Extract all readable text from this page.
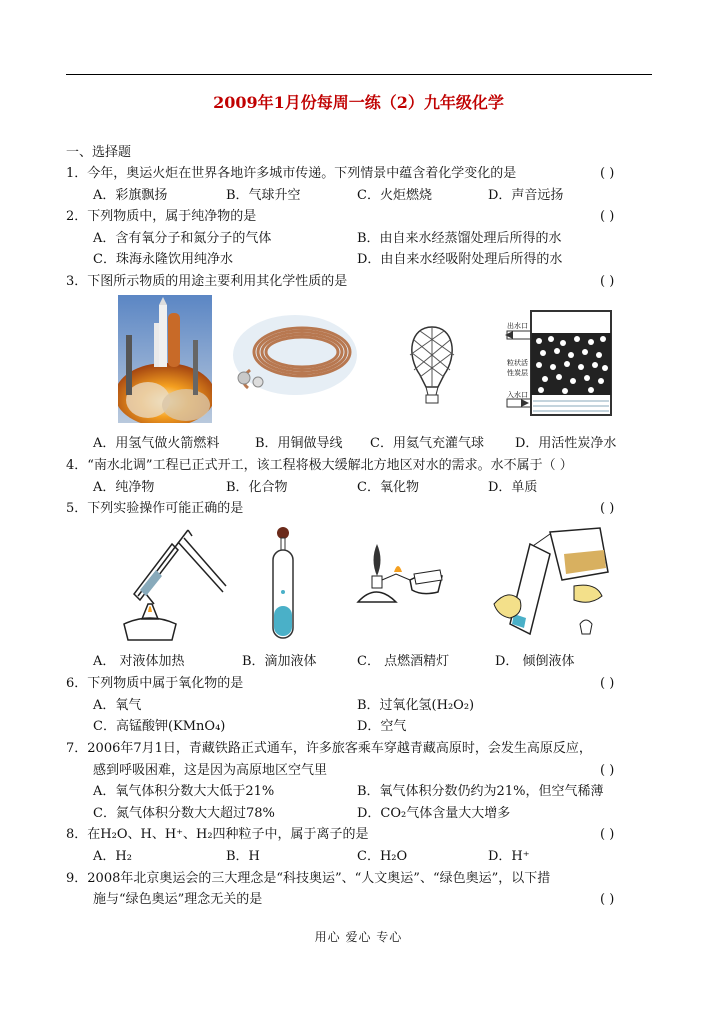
2009年1月份每周一练（2）九年级化学
一、选择题
1．今年，奥运火炬在世界各地许多城市传递。下列情景中蕴含着化学变化的是	( )
A．彩旗飘扬	B．气球升空	C．火炬燃烧	D．声音远扬
2．下列物质中，属于纯净物的是	( )
A．含有氧分子和氮分子的气体	B．由自来水经蒸馏处理后所得的水
C．珠海永隆饮用纯净水	D．由自来水经吸附处理后所得的水
3．下图所示物质的用途主要利用其化学性质的是	( )
出水口
粒状活
性炭层
入水口
A．用氢气做火箭燃料	B．用铜做导线 C．用氦气充灌气球 D．用活性炭净水
4．“南水北调”工程已正式开工，该工程将极大缓解北方地区对水的需求。水不属于（ ）
A．纯净物	B．化合物	C．氧化物	D．单质
5．下列实验操作可能正确的是	( )
A． 对液体加热	B．滴加液体	C． 点燃酒精灯	D． 倾倒液体
6．下列物质中属于氧化物的是	( )
A．氧气	B．过氧化氢(H₂O₂)
C．高锰酸钾(KMnO₄)	D．空气
7．2006年7月1日，青藏铁路正式通车，许多旅客乘车穿越青藏高原时，会发生高原反应，
感到呼吸困难，这是因为高原地区空气里	( )
A．氧气体积分数大大低于21%	B．氧气体积分数仍约为21%，但空气稀薄
C．氮气体积分数大大超过78%	D．CO₂气体含量大大增多
8．在H₂O、H、H⁺、H₂四种粒子中，属于离子的是	( )
A．H₂	B．H	C．H₂O	D．H⁺
9．2008年北京奥运会的三大理念是“科技奥运”、“人文奥运”、“绿色奥运”，以下措
施与“绿色奥运”理念无关的是	( )
用心 爱心 专心
